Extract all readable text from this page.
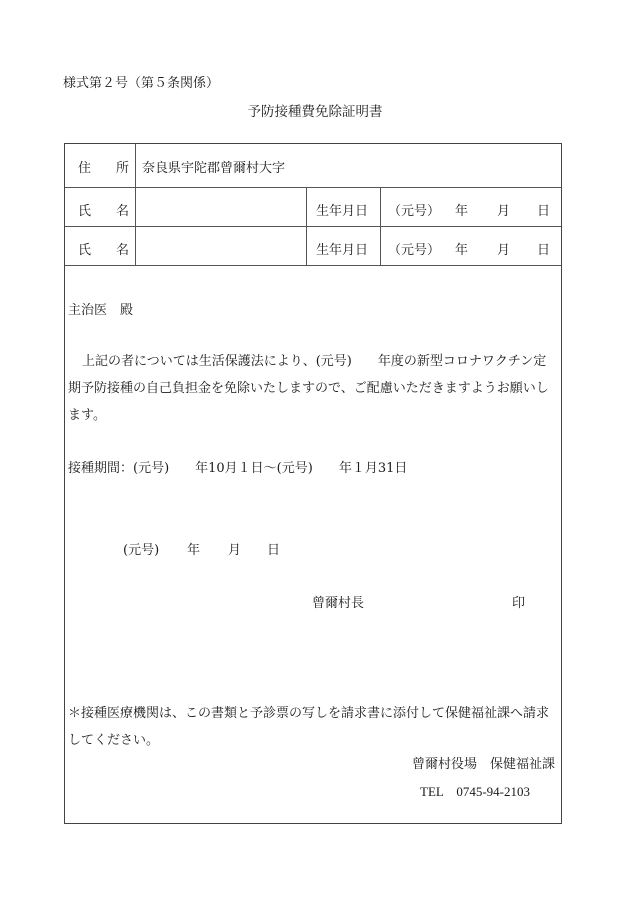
様式第２号（第５条関係）
予防接種費免除証明書
住 所 奈良県宇陀郡曾爾村大字
氏 名	生年月日 （元号） 年 月 日
氏 名	生年月日 （元号） 年 月 日
主治医　殿
上記の者については生活保護法により、(元号)　　年度の新型コロナワクチン定
期予防接種の自己負担金を免除いたしますので、ご配慮いただきますようお願いし
ます。
接種期間：(元号)　　年10月１日～(元号)　　年１月31日
(元号) 年 月 日
曾爾村長	印
＊接種医療機関は、この書類と予診票の写しを請求書に添付して保健福祉課へ請求
してください。
曾爾村役場　保健福祉課
TEL　0745-94-2103
